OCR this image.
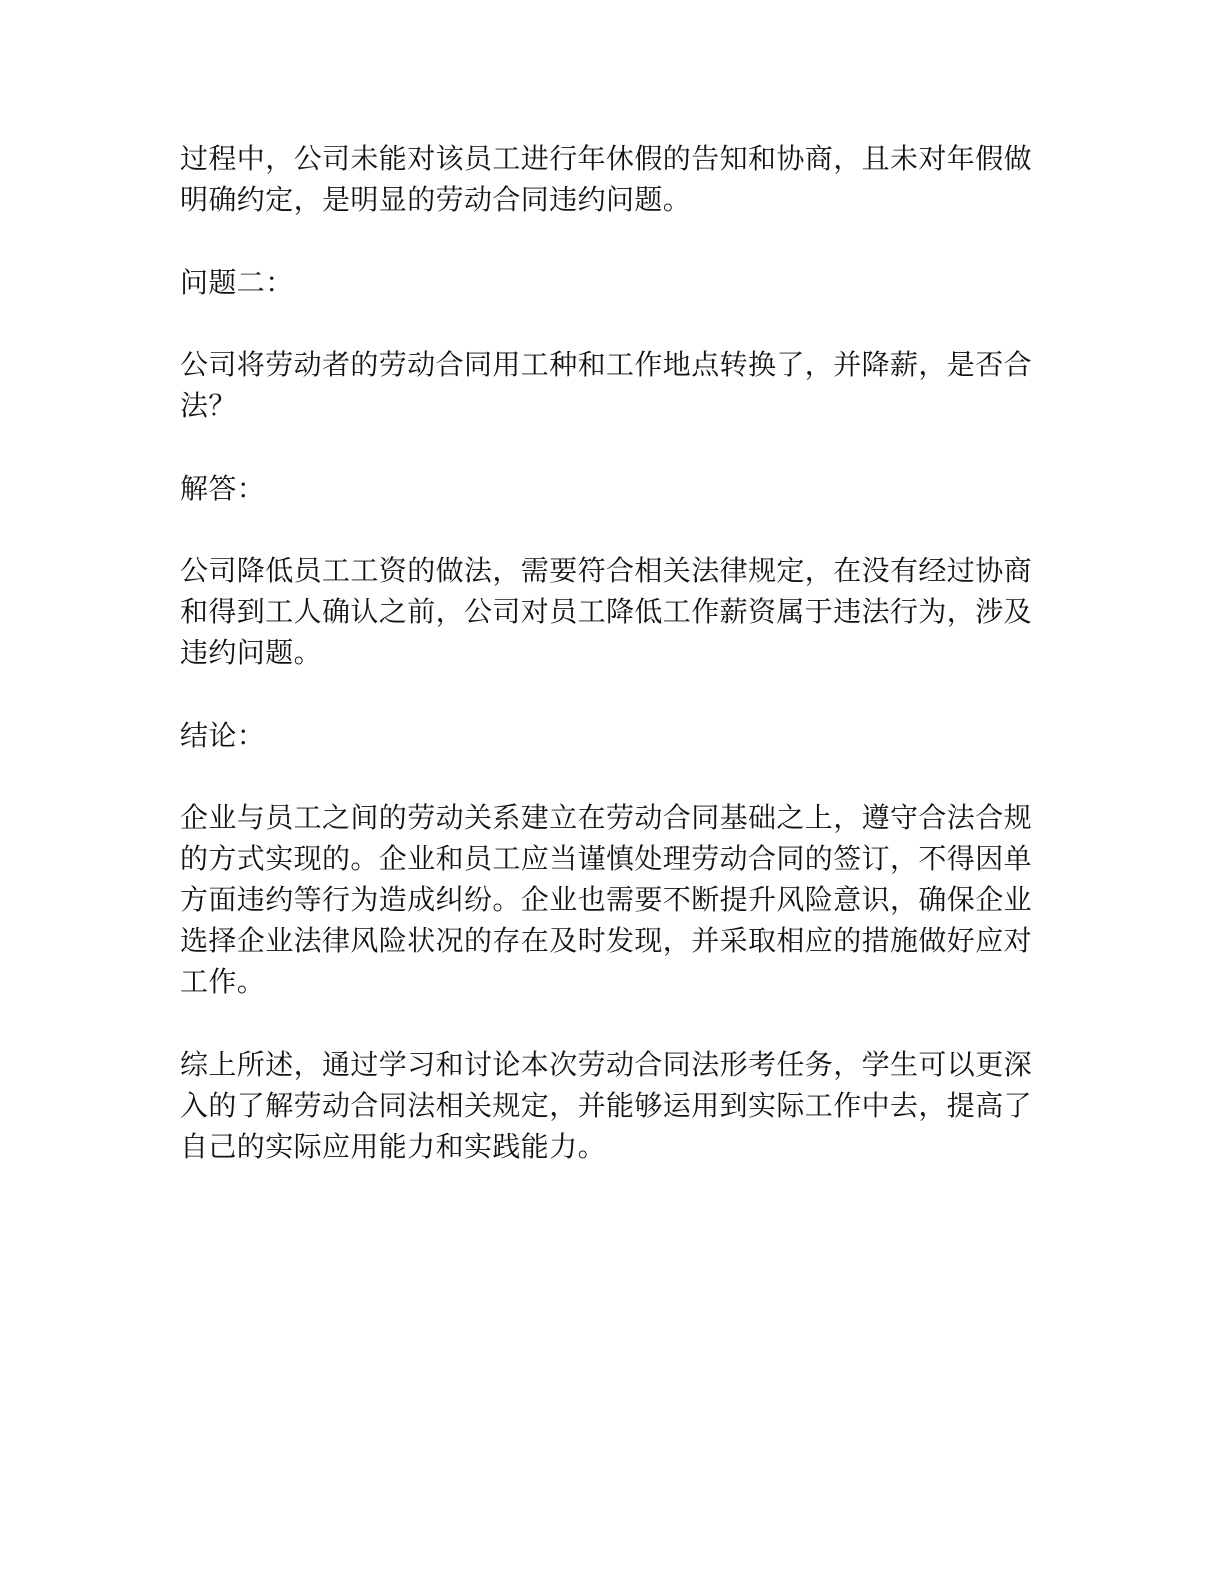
过程中，公司未能对该员工进行年休假的告知和协商，且未对年假做
明确约定，是明显的劳动合同违约问题。

问题二：

公司将劳动者的劳动合同用工种和工作地点转换了，并降薪，是否合
法？

解答：

公司降低员工工资的做法，需要符合相关法律规定，在没有经过协商
和得到工人确认之前，公司对员工降低工作薪资属于违法行为，涉及
违约问题。

结论：

企业与员工之间的劳动关系建立在劳动合同基础之上，遵守合法合规
的方式实现的。企业和员工应当谨慎处理劳动合同的签订，不得因单
方面违约等行为造成纠纷。企业也需要不断提升风险意识，确保企业
选择企业法律风险状况的存在及时发现，并采取相应的措施做好应对
工作。

综上所述，通过学习和讨论本次劳动合同法形考任务，学生可以更深
入的了解劳动合同法相关规定，并能够运用到实际工作中去，提高了
自己的实际应用能力和实践能力。
